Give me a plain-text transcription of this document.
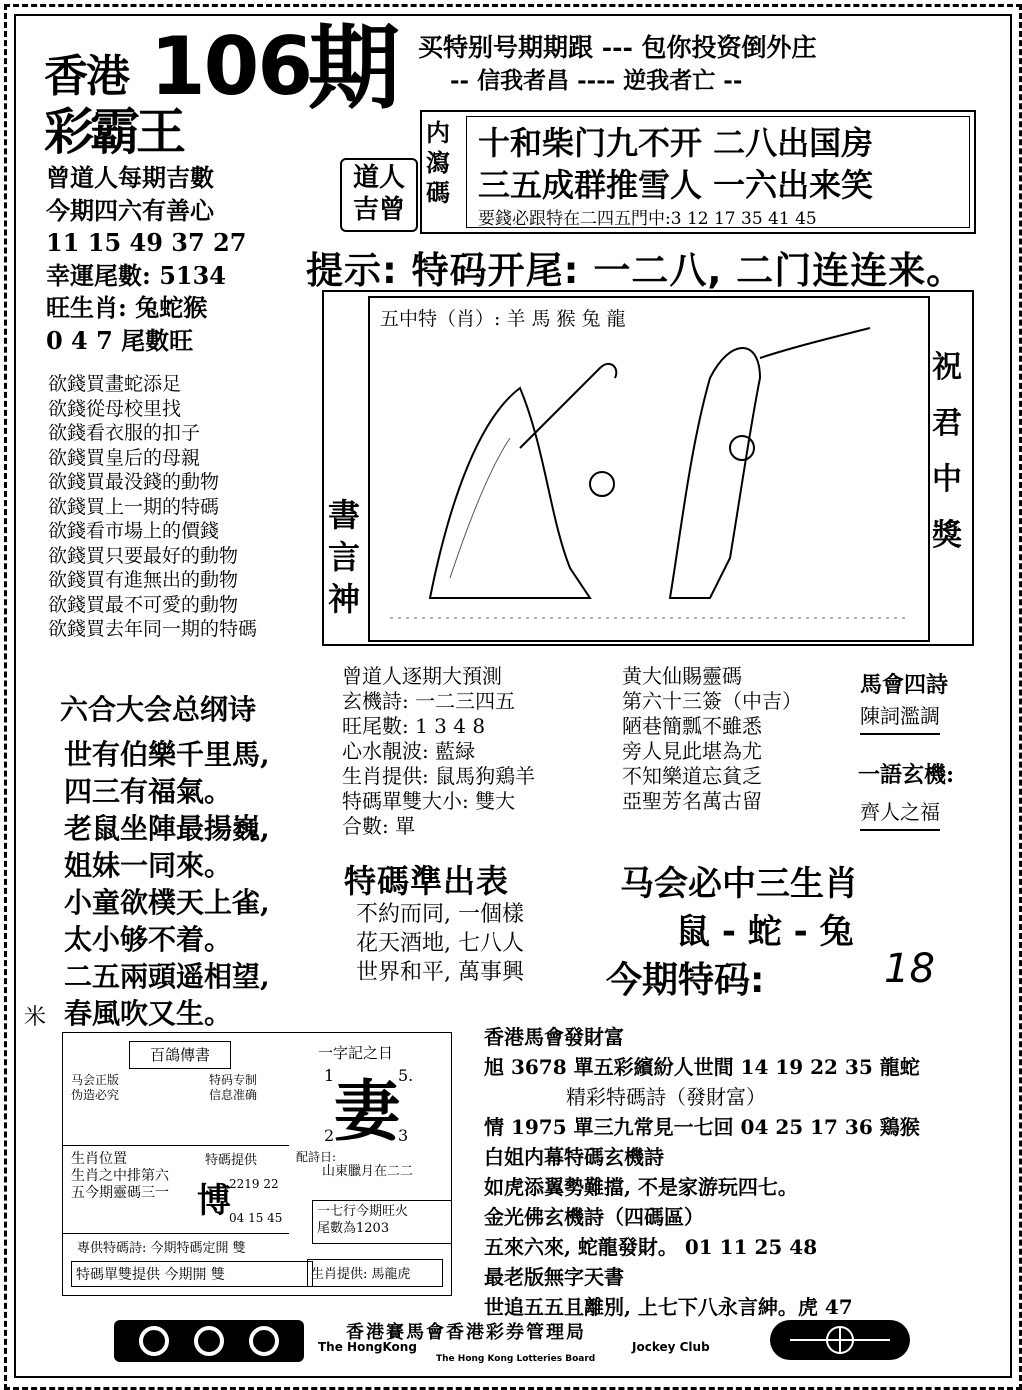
香港 106
期
彩霸王
买特别号期期跟 --- 包你投资倒外庄
-- 信我者昌 ---- 逆我者亡 --
道人吉曾
内瀉碼
十和柴门九不开 二八出国房
三五成群推雪人 一六出来笑
要錢必跟特在二四五門中:3 12 17 35 41 45
曾道人每期吉數
今期四六有善心
11 15 49 37 27
幸運尾數: 5134
旺生肖: 兔蛇猴
0 4 7 尾數旺
提示: 特码开尾: 一二八, 二门连连来。
欲錢買畫蛇添足
欲錢從母校里找
欲錢看衣服的扣子
欲錢買皇后的母親
欲錢買最没錢的動物
欲錢買上一期的特碼
欲錢看市場上的價錢
欲錢買只要最好的動物
欲錢買有進無出的動物
欲錢買最不可愛的動物
欲錢買去年同一期的特碼
書言神
五中特（肖）: 羊 馬 猴 兔 龍
祝君中獎
六合大会总纲诗
世有伯樂千里馬,
四三有福氣。
老鼠坐陣最揚巍,
姐妹一同來。
小童欲樸天上雀,
太小够不着。
二五兩頭遥相望,
春風吹又生。
曾道人逐期大預測
玄機詩: 一二三四五
旺尾數: 1 3 4 8
心水靚波: 藍緑
生肖提供: 鼠馬狗鶏羊
特碼單雙大小: 雙大
合數: 單
黄大仙賜靈碼
第六十三簽（中吉）
陋巷簡瓢不雖悉
旁人見此堪為尤
不知樂道忘貧乏
亞聖芳名萬古留
馬會四詩
陳詞濫調
一語玄機:
齊人之福
特碼準出表
不約而同, 一個樣
花天酒地, 七八人
世界和平, 萬事興
马会必中三生肖
鼠 - 蛇 - 兔
今期特码:	18
米
百鴿傳書
马会正版
伪造必究
特码专制
信息准确
生肖位置
生肖之中排第六
五今期靈碼三一
特碼提供
博
2219 22
04 15 45
專供特碼詩: 今期特碼定開 雙
特碼單雙提供 今期開 雙	生肖提供: 馬龍虎
一字記之日
1	5.
妻
2	3
配詩日:
山東臘月在二二
一七行今期旺火
尾數為1203
香港馬會發財富
旭 3678 單五彩繽紛人世間 14 19 22 35 龍蛇
精彩特碼詩（發財富）
情 1975 單三九常見一七回 04 25 17 36 鶏猴
白姐内幕特碼玄機詩
如虎添翼勢難擋, 不是家游玩四七。
金光佛玄機詩（四碼區）
五來六來, 蛇龍發財。 01 11 25 48
最老版無字天書
世追五五且離別, 上七下八永言紳。虎 47
香港賽馬會香港彩券管理局
The HongKong	Jockey Club
The Hong Kong Lotteries Board
